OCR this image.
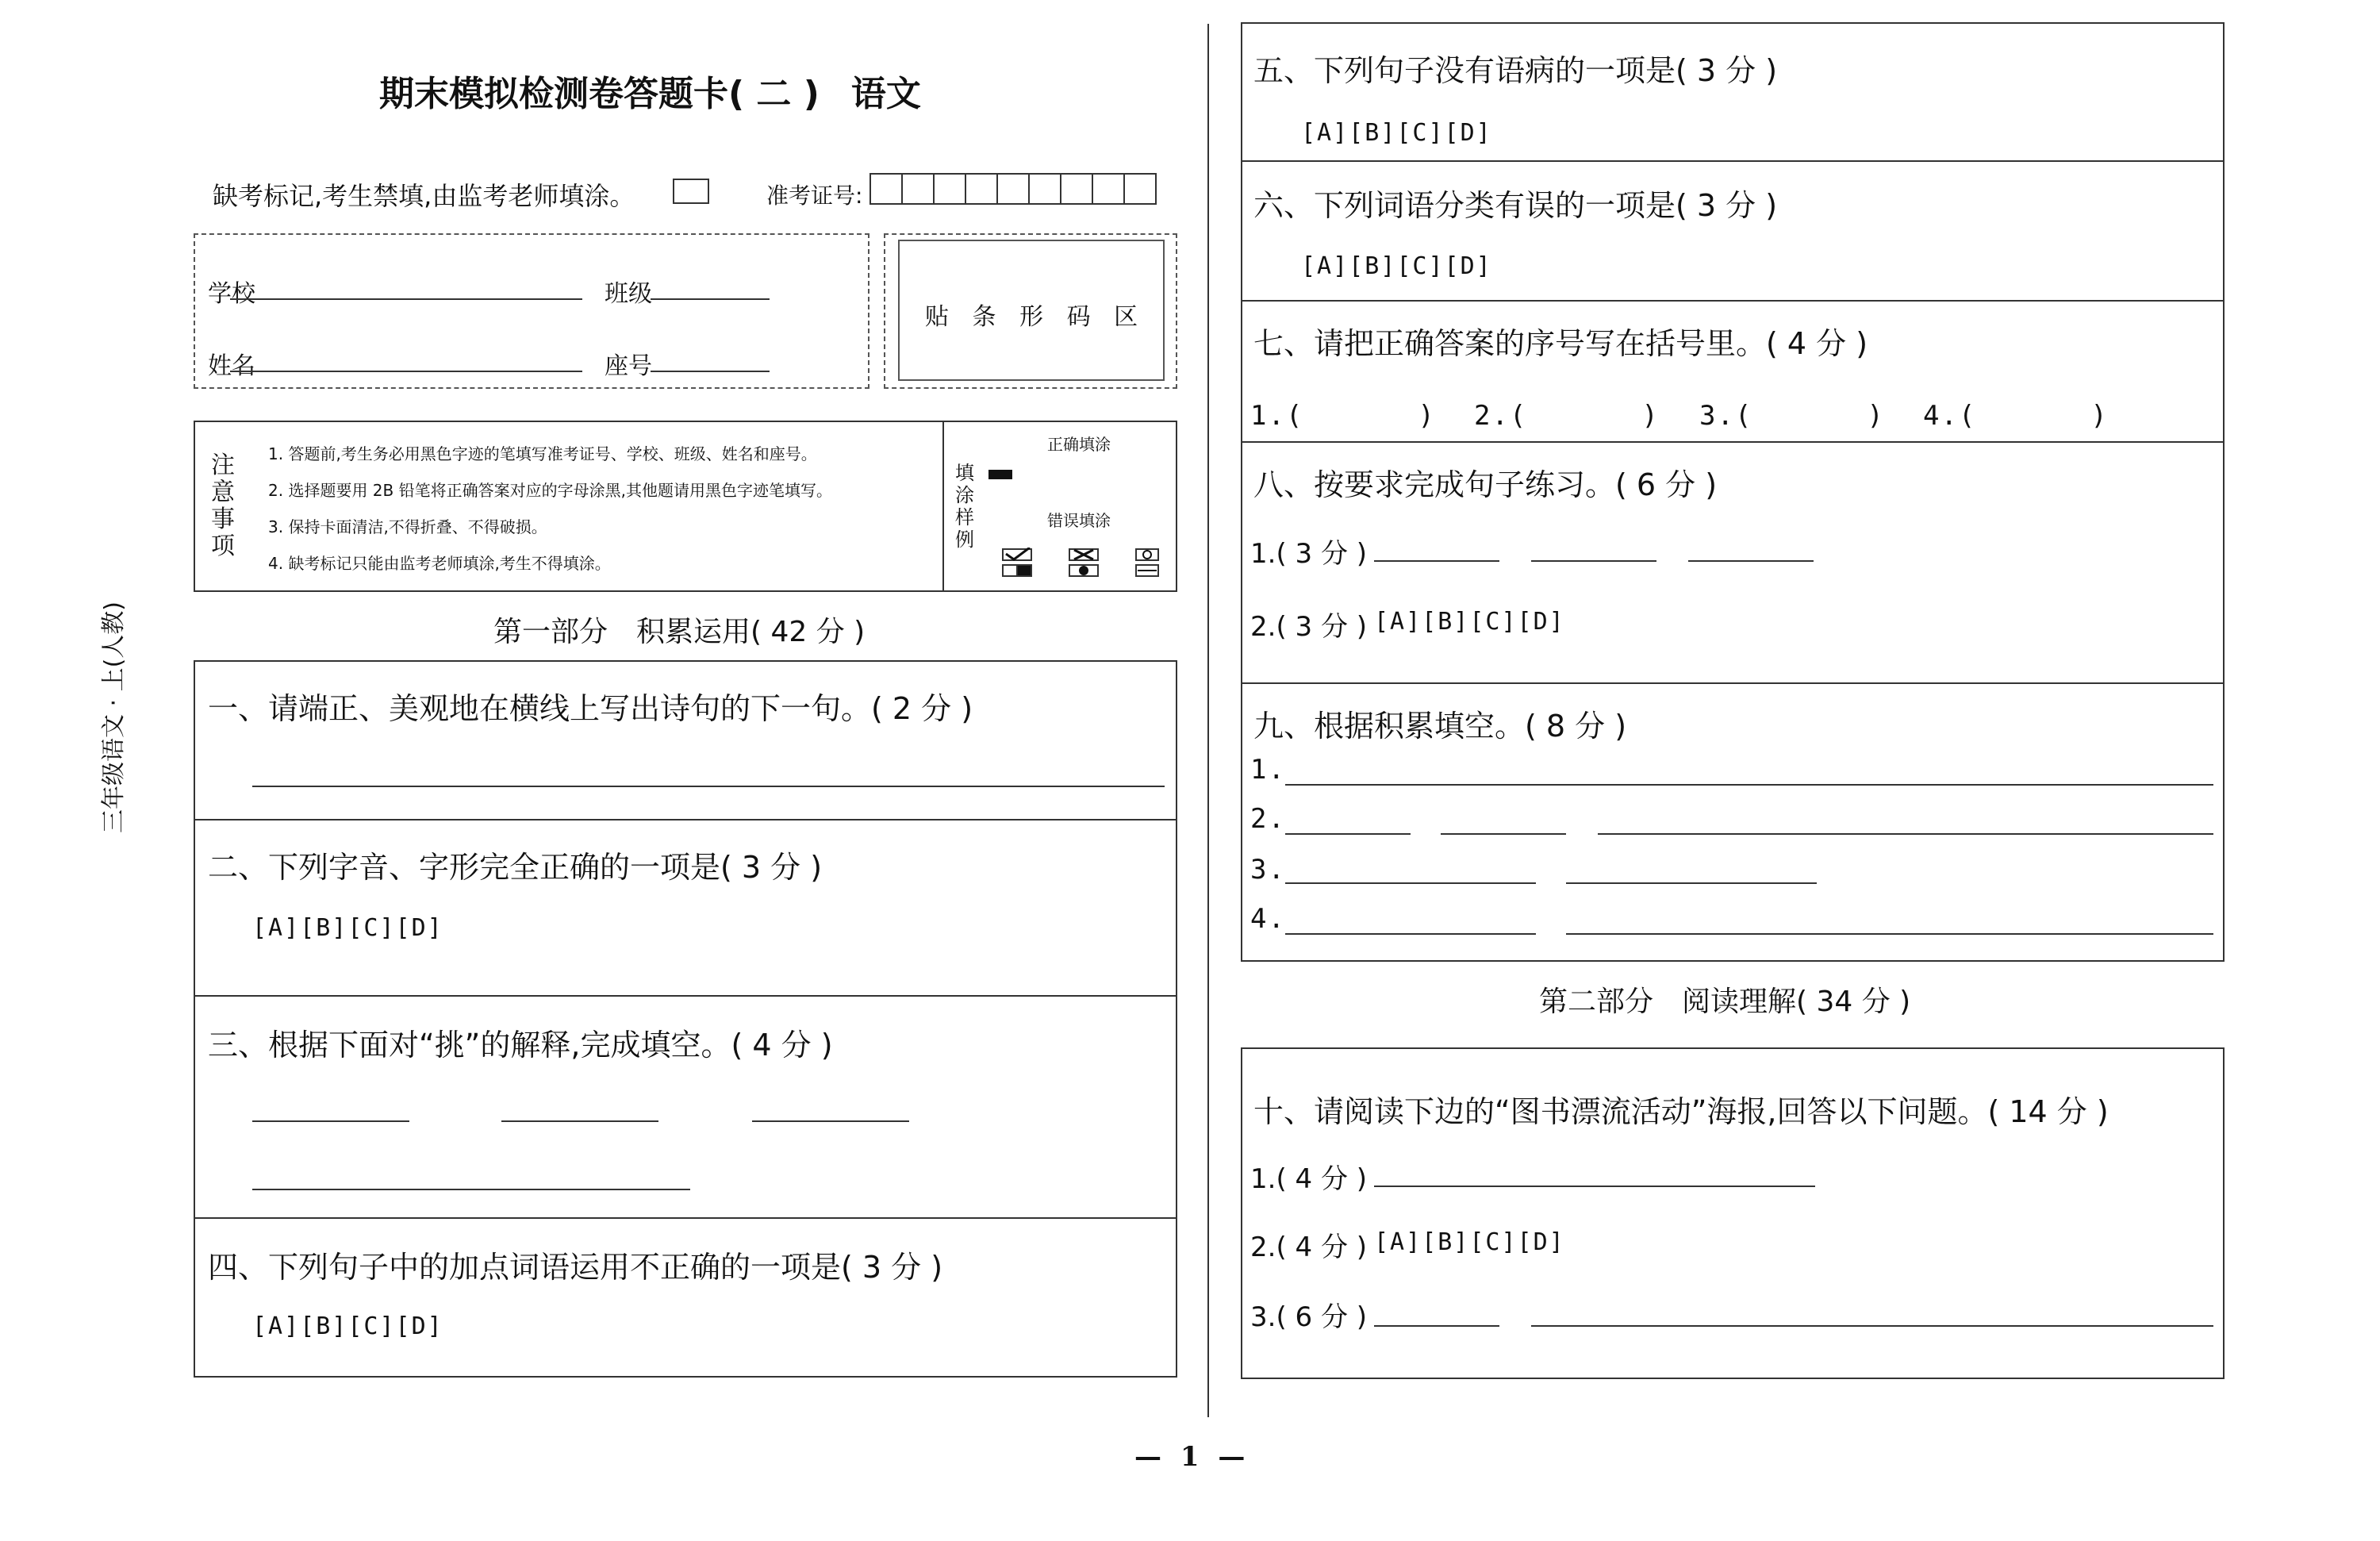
三年级语文 · 上(人教)
期末模拟检测卷答题卡( 二 ) 语文
缺考标记,考生禁填,由监考老师填涂。	准考证号:
学校	班级
姓名	座号
贴 条 形 码 区
注意事项
1. 答题前,考生务必用黑色字迹的笔填写准考证号、学校、班级、姓名和座号。
2. 选择题要用 2B 铅笔将正确答案对应的字母涂黑,其他题请用黑色字迹笔填写。
3. 保持卡面清洁,不得折叠、不得破损。
4. 缺考标记只能由监考老师填涂,考生不得填涂。
填涂样例
正确填涂
错误填涂
第一部分　积累运用( 42 分 )
一、请端正、美观地在横线上写出诗句的下一句。( 2 分 )
二、下列字音、字形完全正确的一项是( 3 分 )
[A][B][C][D]
三、根据下面对“挑”的解释,完成填空。( 4 分 )
四、下列句子中的加点词语运用不正确的一项是( 3 分 )
[A][B][C][D]
五、下列句子没有语病的一项是( 3 分 )
[A][B][C][D]
六、下列词语分类有误的一项是( 3 分 )
[A][B][C][D]
七、请把正确答案的序号写在括号里。( 4 分 )
1.(　　　　) 2.(　　　　) 3.(　　　　) 4.(　　　　)
八、按要求完成句子练习。( 6 分 )
1.( 3 分 )
2.( 3 分 ) [A][B][C][D]
九、根据积累填空。( 8 分 )
1.
2.
3.
4.
第二部分　阅读理解( 34 分 )
十、请阅读下边的“图书漂流活动”海报,回答以下问题。( 14 分 )
1.( 4 分 )
2.( 4 分 ) [A][B][C][D]
3.( 6 分 )
— 1 —
